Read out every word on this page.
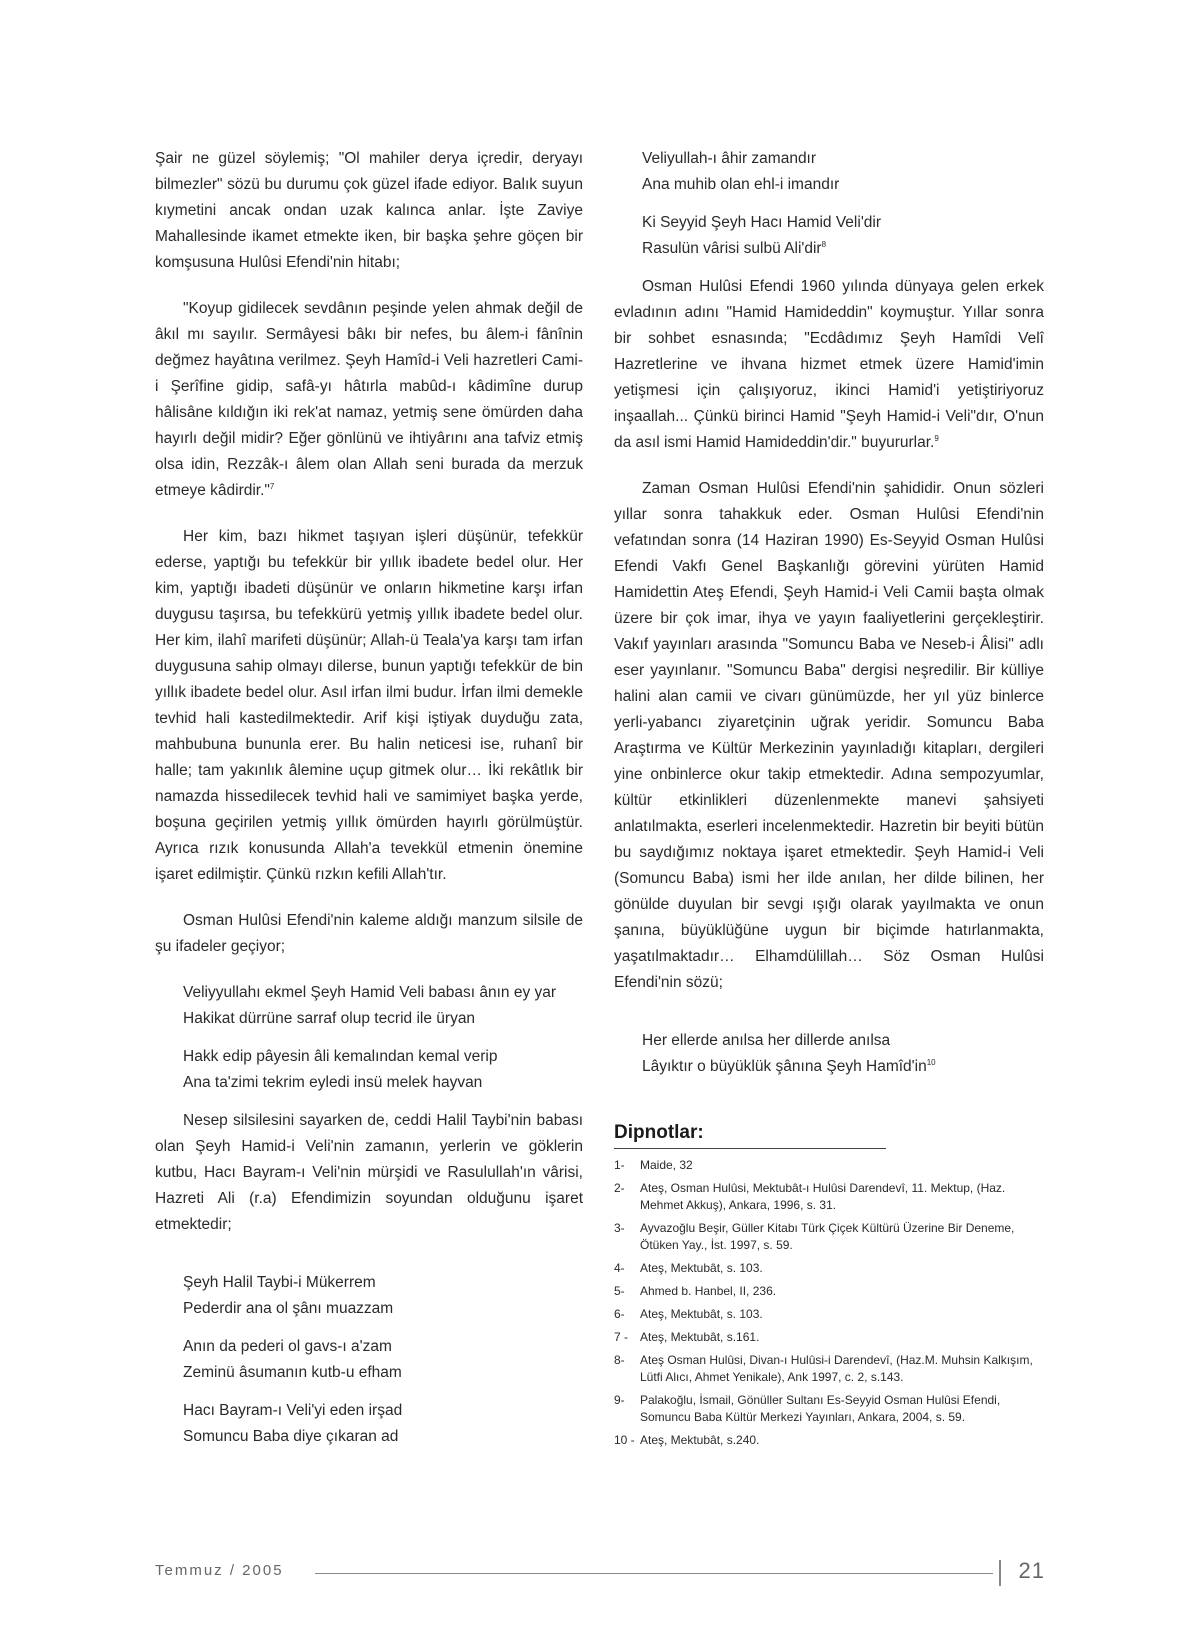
Şair ne güzel söylemiş; "Ol mahiler derya içredir, deryayı bilmezler" sözü bu durumu çok güzel ifade ediyor. Balık suyun kıymetini ancak ondan uzak kalınca anlar. İşte Zaviye Mahallesinde ikamet etmekte iken, bir başka şehre göçen bir komşusuna Hulûsi Efendi'nin hitabı;

"Koyup gidilecek sevdânın peşinde yelen ahmak değil de âkıl mı sayılır. Sermâyesi bâkı bir nefes, bu âlem-i fânînin değmez hayâtına verilmez. Şeyh Hamîd-i Veli hazretleri Cami-i Şerîfine gidip, safâ-yı hâtırla mabûd-ı kâdimîne durup hâlisâne kıldığın iki rek'at namaz, yetmiş sene ömürden daha hayırlı değil midir? Eğer gönlünü ve ihtiyârını ana tafviz etmiş olsa idin, Rezzâk-ı âlem olan Allah seni burada da merzuk etmeye kâdirdir."$^7$

Her kim, bazı hikmet taşıyan işleri düşünür, tefekkür ederse, yaptığı bu tefekkür bir yıllık ibadete bedel olur. Her kim, yaptığı ibadeti düşünür ve onların hikmetine karşı irfan duygusu taşırsa, bu tefekkürü yetmiş yıllık ibadete bedel olur. Her kim, ilahî marifeti düşünür; Allah-ü Teala'ya karşı tam irfan duygusuna sahip olmayı dilerse, bunun yaptığı tefekkür de bin yıllık ibadete bedel olur. Asıl irfan ilmi budur. İrfan ilmi demekle tevhid hali kastedilmektedir. Arif kişi iştiyak duyduğu zata, mahbubuna bununla erer. Bu halin neticesi ise, ruhanî bir halle; tam yakınlık âlemine uçup gitmek olur… İki rekâtlık bir namazda hissedilecek tevhid hali ve samimiyet başka yerde, boşuna geçirilen yetmiş yıllık ömürden hayırlı görülmüştür. Ayrıca rızık konusunda Allah'a tevekkül etmenin önemine işaret edilmiştir. Çünkü rızkın kefili Allah'tır.

Osman Hulûsi Efendi'nin kaleme aldığı manzum silsile de şu ifadeler geçiyor;

Veliyyullahı ekmel Şeyh Hamid Veli babası ânın ey yar
Hakikat dürrüne sarraf olup tecrid ile üryan
Hakk edip pâyesin âli kemalından kemal verip
Ana ta'zimi tekrim eyledi insü melek hayvan

Nesep silsilesini sayarken de, ceddi Halil Taybi'nin babası olan Şeyh Hamid-i Veli'nin zamanın, yerlerin ve göklerin kutbu, Hacı Bayram-ı Veli'nin mürşidi ve Rasulullah'ın vârisi, Hazreti Ali (r.a) Efendimizin soyundan olduğunu işaret etmektedir;

Şeyh Halil Taybi-i Mükerrem
Pederdir ana ol şânı muazzam
Anın da pederi ol gavs-ı a'zam
Zeminü âsumanın kutb-u efham
Hacı Bayram-ı Veli'yi eden irşad
Somuncu Baba diye çıkaran ad
Veliyullah-ı âhir zamandır
Ana muhib olan ehl-i imandır
Ki Seyyid Şeyh Hacı Hamid Veli'dir
Rasulün vârisi sulbü Ali'dir$^8$

Osman Hulûsi Efendi 1960 yılında dünyaya gelen erkek evladının adını "Hamid Hamideddin" koymuştur. Yıllar sonra bir sohbet esnasında; "Ecdâdımız Şeyh Hamîdi Velî Hazretlerine ve ihvana hizmet etmek üzere Hamid'imin yetişmesi için çalışıyoruz, ikinci Hamid'i yetiştiriyoruz inşaallah... Çünkü birinci Hamid "Şeyh Hamid-i Veli"dır, O'nun da asıl ismi Hamid Hamideddin'dir." buyururlar.$^9$

Zaman Osman Hulûsi Efendi'nin şahididir. Onun sözleri yıllar sonra tahakkuk eder. Osman Hulûsi Efendi'nin vefatından sonra (14 Haziran 1990) Es-Seyyid Osman Hulûsi Efendi Vakfı Genel Başkanlığı görevini yürüten Hamid Hamidettin Ateş Efendi, Şeyh Hamid-i Veli Camii başta olmak üzere bir çok imar, ihya ve yayın faaliyetlerini gerçekleştirir. Vakıf yayınları arasında "Somuncu Baba ve Neseb-i Âlisi" adlı eser yayınlanır. "Somuncu Baba" dergisi neşredilir. Bir külliye halini alan camii ve civarı günümüzde, her yıl yüz binlerce yerli-yabancı ziyaretçinin uğrak yeridir. Somuncu Baba Araştırma ve Kültür Merkezinin yayınladığı kitapları, dergileri yine onbinlerce okur takip etmektedir. Adına sempozyumlar, kültür etkinlikleri düzenlenmekte manevi şahsiyeti anlatılmakta, eserleri incelenmektedir. Hazretin bir beyiti bütün bu saydığımız noktaya işaret etmektedir. Şeyh Hamid-i Veli (Somuncu Baba) ismi her ilde anılan, her dilde bilinen, her gönülde duyulan bir sevgi ışığı olarak yayılmakta ve onun şanına, büyüklüğüne uygun bir biçimde hatırlanmakta, yaşatılmaktadır… Elhamdülillah… Söz Osman Hulûsi Efendi'nin sözü;

Her ellerde anılsa her dillerde anılsa
Lâyıktır o büyüklük şânına Şeyh $Hamîd'in^{10}$

Dipnotlar:

1-	Maide, 32
2-	Ateş, Osman Hulûsi, Mektubât-ı Hulûsi Darendevî, 11. Mektup, (Haz. Mehmet Akkuş), Ankara, 1996, s. 31.
3-	Ayvazoğlu Beşir, Güller Kitabı Türk Çiçek Kültürü Üzerine Bir Deneme, Ötüken Yay., İst. 1997, s. 59.
4-	Ateş, Mektubât, s. 103.
5-	Ahmed b. Hanbel, II, 236.
6-	Ateş, Mektubât, s. 103.
7 - Ateş, Mektubât, s.161.
8-	Ateş Osman Hulûsi, Divan-ı Hulûsi-i Darendevî, (Haz.M. Muhsin Kalkışım, Lütfi Alıcı, Ahmet Yenikale), Ank 1997, c. 2, s.143.
9-	Palakoğlu, İsmail, Gönüller Sultanı Es-Seyyid Osman Hulûsi Efendi, Somuncu Baba Kültür Merkezi Yayınları, Ankara, 2004, s. 59.
10 - Ateş, Mektubât, s.240.
Temmuz / 2005	21
